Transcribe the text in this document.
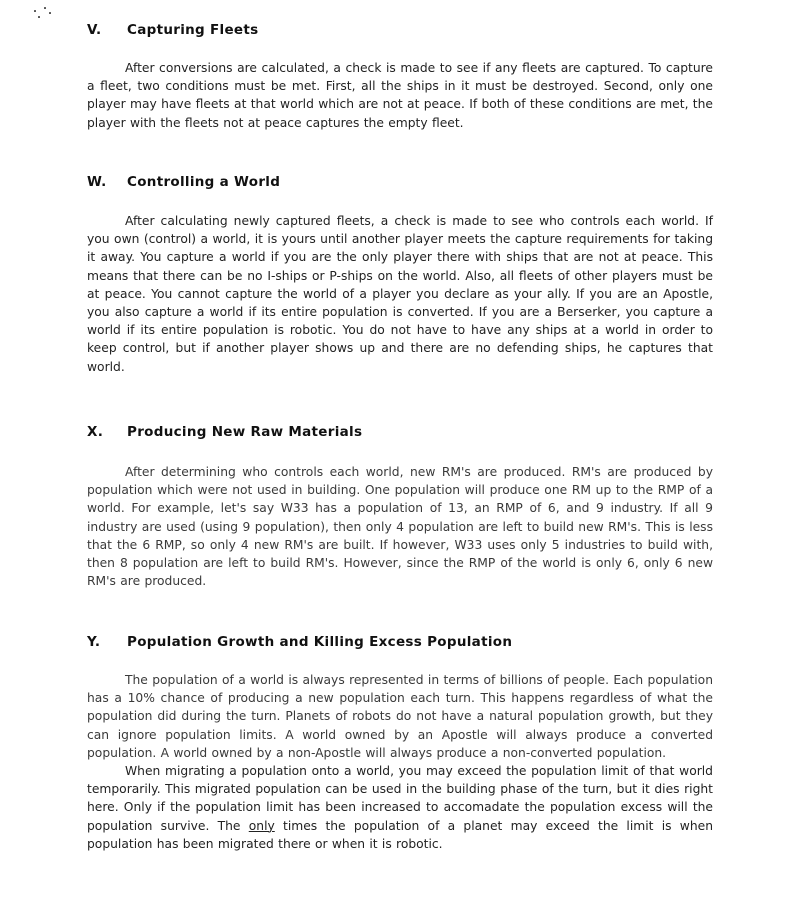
V.	Capturing Fleets

After conversions are calculated, a check is made to see if any fleets are captured. To capture a fleet, two conditions must be met. First, all the ships in it must be destroyed. Second, only one player may have fleets at that world which are not at peace. If both of these conditions are met, the player with the fleets not at peace captures the empty fleet.

W.	Controlling a World

After calculating newly captured fleets, a check is made to see who controls each world. If you own (control) a world, it is yours until another player meets the capture requirements for taking it away. You capture a world if you are the only player there with ships that are not at peace. This means that there can be no I-ships or P-ships on the world. Also, all fleets of other players must be at peace. You cannot capture the world of a player you declare as your ally. If you are an Apostle, you also capture a world if its entire population is converted. If you are a Berserker, you capture a world if its entire population is robotic. You do not have to have any ships at a world in order to keep control, but if another player shows up and there are no defending ships, he captures that world.

X.	Producing New Raw Materials

After determining who controls each world, new RM's are produced. RM's are produced by population which were not used in building. One population will produce one RM up to the RMP of a world. For example, let's say W33 has a population of 13, an RMP of 6, and 9 industry. If all 9 industry are used (using 9 population), then only 4 population are left to build new RM's. This is less that the 6 RMP, so only 4 new RM's are built. If however, W33 uses only 5 industries to build with, then 8 population are left to build RM's. However, since the RMP of the world is only 6, only 6 new RM's are produced.

Y.	Population Growth and Killing Excess Population

The population of a world is always represented in terms of billions of people. Each population has a 10% chance of producing a new population each turn. This happens regardless of what the population did during the turn. Planets of robots do not have a natural population growth, but they can ignore population limits. A world owned by an Apostle will always produce a converted population. A world owned by a non-Apostle will always produce a non-converted population.

When migrating a population onto a world, you may exceed the population limit of that world temporarily. This migrated population can be used in the building phase of the turn, but it dies right here. Only if the population limit has been increased to accomadate the population excess will the population survive. The only times the population of a planet may exceed the limit is when population has been migrated there or when it is robotic.
